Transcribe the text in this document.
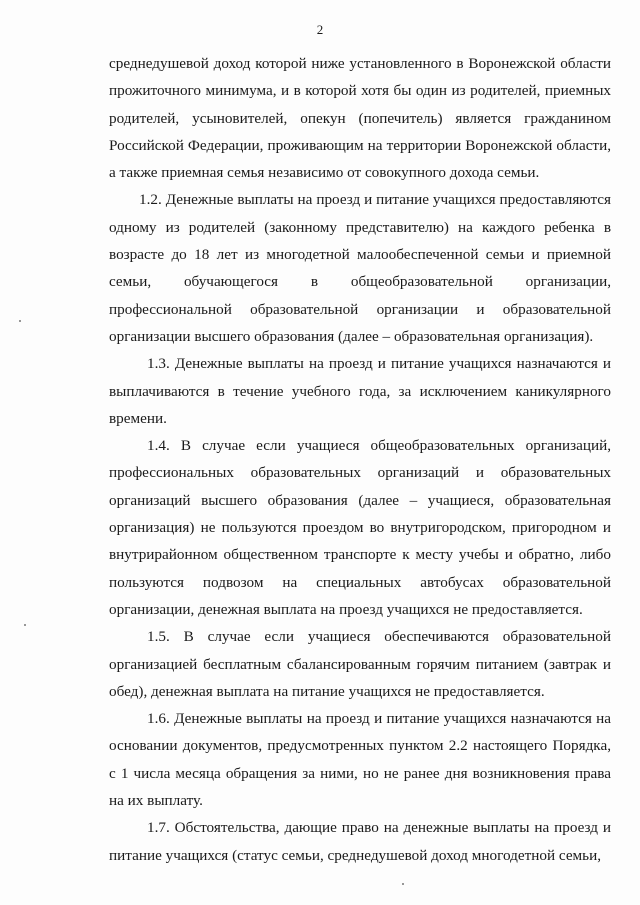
2

среднедушевой доход которой ниже установленного в Воронежской области прожиточного минимума, и в которой хотя бы один из родителей, приемных родителей, усыновителей, опекун (попечитель) является гражданином Российской Федерации, проживающим на территории Воронежской области, а также приемная семья независимо от совокупного дохода семьи.

1.2. Денежные выплаты на проезд и питание учащихся предоставляются одному из родителей (законному представителю) на каждого ребенка в возрасте до 18 лет из многодетной малообеспеченной семьи и приемной семьи, обучающегося в общеобразовательной организации, профессиональной образовательной организации и образовательной организации высшего образования (далее – образовательная организация).

1.3. Денежные выплаты на проезд и питание учащихся назначаются и выплачиваются в течение учебного года, за исключением каникулярного времени.

1.4. В случае если учащиеся общеобразовательных организаций, профессиональных образовательных организаций и образовательных организаций высшего образования (далее – учащиеся, образовательная организация) не пользуются проездом во внутригородском, пригородном и внутрирайонном общественном транспорте к месту учебы и обратно, либо пользуются подвозом на специальных автобусах образовательной организации, денежная выплата на проезд учащихся не предоставляется.

1.5. В случае если учащиеся обеспечиваются образовательной организацией бесплатным сбалансированным горячим питанием (завтрак и обед), денежная выплата на питание учащихся не предоставляется.

1.6. Денежные выплаты на проезд и питание учащихся назначаются на основании документов, предусмотренных пунктом 2.2 настоящего Порядка, с 1 числа месяца обращения за ними, но не ранее дня возникновения права на их выплату.

1.7. Обстоятельства, дающие право на денежные выплаты на проезд и питание учащихся (статус семьи, среднедушевой доход многодетной семьи,
